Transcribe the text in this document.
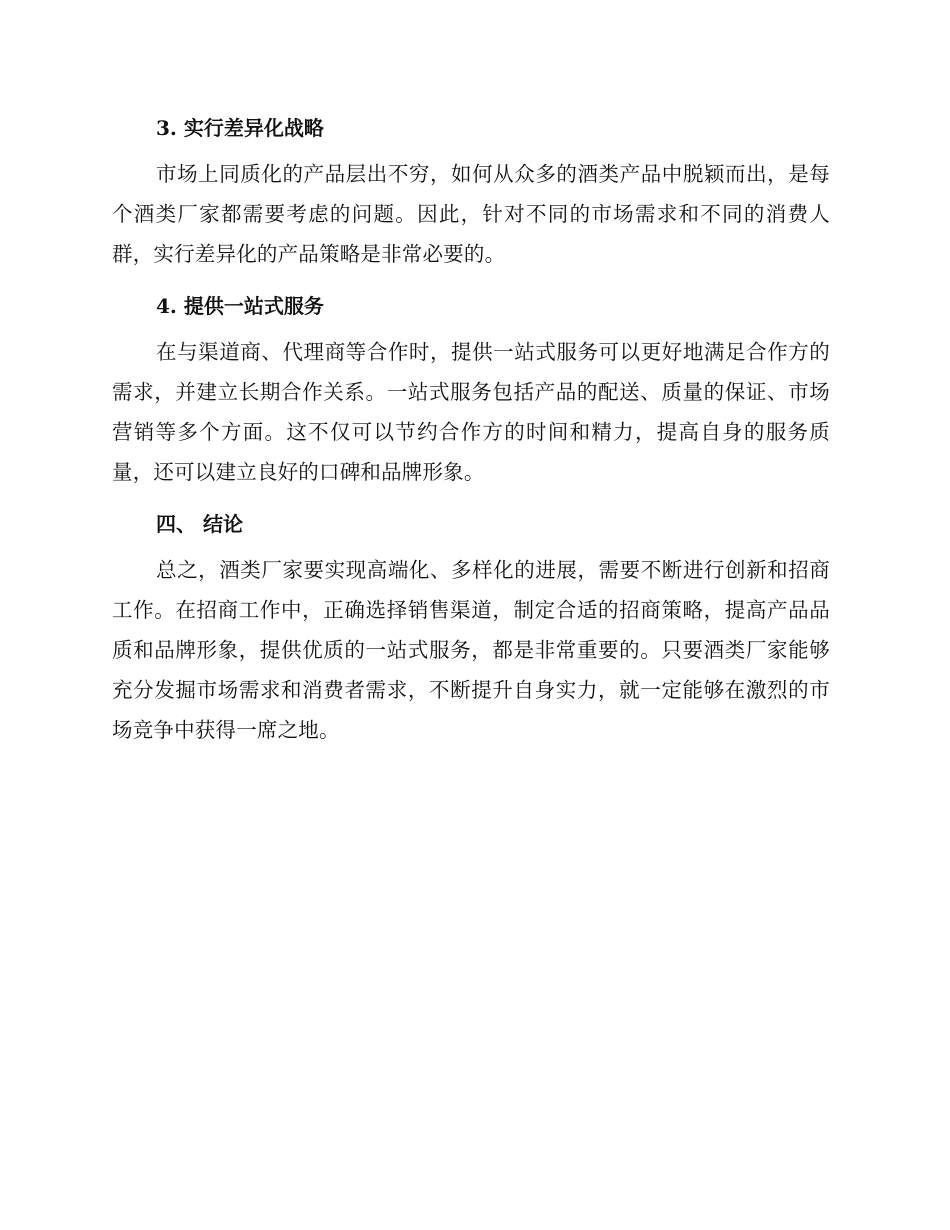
3. 实行差异化战略

市场上同质化的产品层出不穷，如何从众多的酒类产品中脱颖而出，是每个酒类厂家都需要考虑的问题。因此，针对不同的市场需求和不同的消费人群，实行差异化的产品策略是非常必要的。

4. 提供一站式服务

在与渠道商、代理商等合作时，提供一站式服务可以更好地满足合作方的需求，并建立长期合作关系。一站式服务包括产品的配送、质量的保证、市场营销等多个方面。这不仅可以节约合作方的时间和精力，提高自身的服务质量，还可以建立良好的口碑和品牌形象。

四、 结论

总之，酒类厂家要实现高端化、多样化的进展，需要不断进行创新和招商工作。在招商工作中，正确选择销售渠道，制定合适的招商策略，提高产品品质和品牌形象，提供优质的一站式服务，都是非常重要的。只要酒类厂家能够充分发掘市场需求和消费者需求，不断提升自身实力，就一定能够在激烈的市场竞争中获得一席之地。
